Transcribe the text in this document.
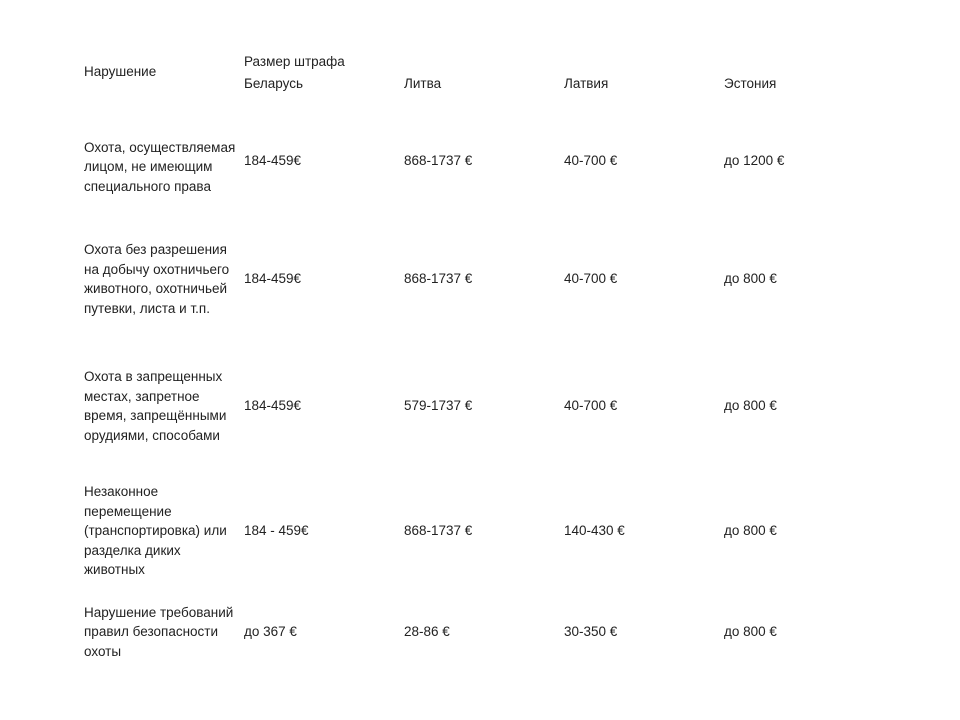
Нарушение	Размер штрафа			
	Беларусь	Литва	Латвия	Эстония
Охота, осуществляемая лицом, не имеющим специального права	184-459€	868-1737 €	40-700 €	до 1200 €
Охота без разрешения на добычу охотничьего животного, охотничьей путевки, листа и т.п.	184-459€	868-1737 €	40-700 €	до 800 €
Охота в запрещенных местах, запретное время, запрещёнными орудиями, способами	184-459€	579-1737 €	40-700 €	до 800 €
Незаконное перемещение (транспортировка) или разделка диких животных	184 - 459€	868-1737 €	140-430 €	до 800 €
Нарушение требований правил безопасности охоты	до 367 €	28-86 €	30-350 €	до 800 €
